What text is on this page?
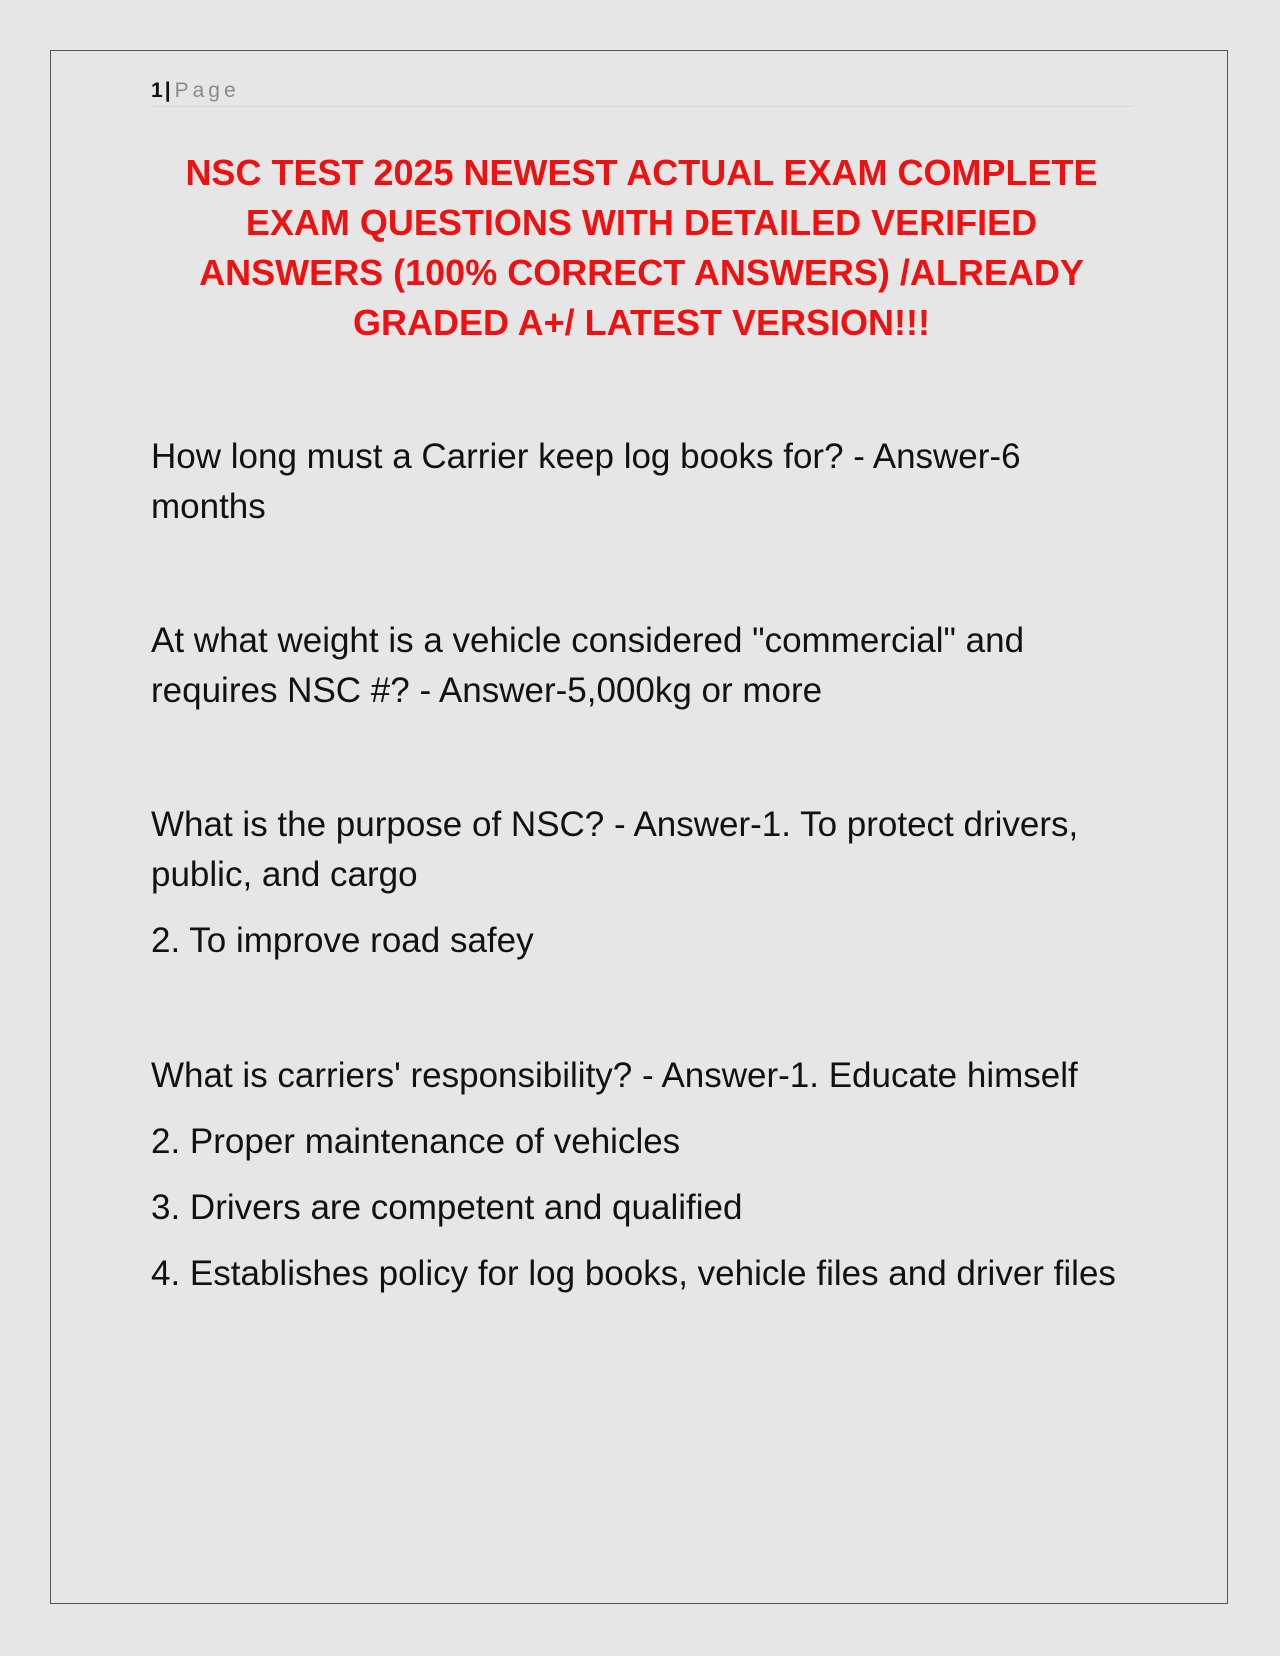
1| Page
NSC TEST 2025 NEWEST ACTUAL EXAM COMPLETE EXAM QUESTIONS WITH DETAILED VERIFIED ANSWERS (100% CORRECT ANSWERS) /ALREADY GRADED A+/ LATEST VERSION!!!

How long must a Carrier keep log books for? - Answer-6 months

At what weight is a vehicle considered "commercial" and requires NSC #? - Answer-5,000kg or more

What is the purpose of NSC? - Answer-1. To protect drivers, public, and cargo

2. To improve road safey

What is carriers' responsibility? - Answer-1. Educate himself

2. Proper maintenance of vehicles

3. Drivers are competent and qualified

4. Establishes policy for log books, vehicle files and driver files
